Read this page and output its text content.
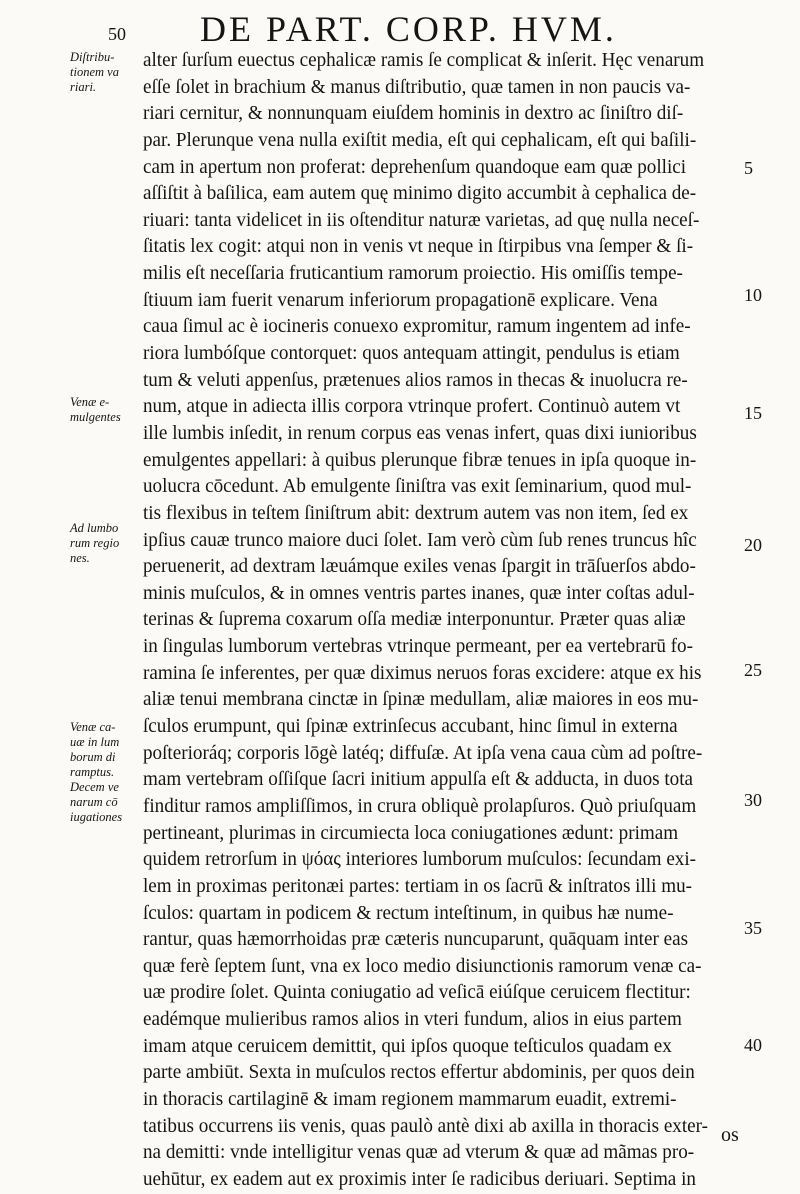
50 DE PART. CORP. HVM.
alter ſurſum euectus cephalicæ ramis ſe complicat & inſerit. Hęc venarum
eſſe ſolet in brachium & manus diſtributio, quæ tamen in non paucis va-
riari cernitur, & nonnunquam eiuſdem hominis in dextro ac ſiniſtro diſ-
par. Plerunque vena nulla exiſtit media, eſt qui cephalicam, eſt qui baſili-
cam in apertum non proferat: deprehenſum quandoque eam quæ pollici
aſſiſtit à baſilica, eam autem quę minimo digito accumbit à cephalica de-
riuari: tanta videlicet in iis oſtenditur naturæ varietas, ad quę nulla neceſ-
ſitatis lex cogit: atqui non in venis vt neque in ſtirpibus vna ſemper & ſi-
milis eſt neceſſaria fruticantium ramorum proiectio. His omiſſis tempe-
ſtiuum iam fuerit venarum inferiorum propagationē explicare. Vena
caua ſimul ac è iocineris conuexo expromitur, ramum ingentem ad infe-
riora lumbóſque contorquet: quos antequam attingit, pendulus is etiam
tum & veluti appenſus, prætenues alios ramos in thecas & inuolucra re-
num, atque in adiecta illis corpora vtrinque profert. Continuò autem vt
ille lumbis inſedit, in renum corpus eas venas infert, quas dixi iunioribus
emulgentes appellari: à quibus plerunque fibræ tenues in ipſa quoque in-
uolucra cōcedunt. Ab emulgente ſiniſtra vas exit ſeminarium, quod mul-
tis flexibus in teſtem ſiniſtrum abit: dextrum autem vas non item, ſed ex
ipſius cauæ trunco maiore duci ſolet. Iam verò cùm ſub renes truncus hîc
peruenerit, ad dextram læuámque exiles venas ſpargit in trāſuerſos abdo-
minis muſculos, & in omnes ventris partes inanes, quæ inter coſtas adul-
terinas & ſuprema coxarum oſſa mediæ interponuntur. Præter quas aliæ
in ſingulas lumborum vertebras vtrinque permeant, per ea vertebrarū fo-
ramina ſe inferentes, per quæ diximus neruos foras excidere: atque ex his
aliæ tenui membrana cinctæ in ſpinæ medullam, aliæ maiores in eos mu-
ſculos erumpunt, qui ſpinæ extrinſecus accubant, hinc ſimul in externa
poſterioráq; corporis lōgè latéq; diffuſæ. At ipſa vena caua cùm ad poſtre-
mam vertebram oſſiſque ſacri initium appulſa eſt & adducta, in duos tota
finditur ramos ampliſſimos, in crura obliquè prolapſuros. Quò priuſquam
pertineant, plurimas in circumiecta loca coniugationes ædunt: primam
quidem retrorſum in ψόας interiores lumborum muſculos: ſecundam exi-
lem in proximas peritonæi partes: tertiam in os ſacrū & inſtratos illi mu-
ſculos: quartam in podicem & rectum inteſtinum, in quibus hæ nume-
rantur, quas hæmorrhoidas præ cæteris nuncuparunt, quāquam inter eas
quæ ferè ſeptem ſunt, vna ex loco medio disiunctionis ramorum venæ ca-
uæ prodire ſolet. Quinta coniugatio ad veſicā eiúſque ceruicem flectitur:
eadémque mulieribus ramos alios in vteri fundum, alios in eius partem
imam atque ceruicem demittit, qui ipſos quoque teſticulos quadam ex
parte ambiūt. Sexta in muſculos rectos effertur abdominis, per quos dein
in thoracis cartilaginē & imam regionem mammarum euadit, extremi-
tatibus occurrens iis venis, quas paulò antè dixi ab axilla in thoracis exter-
na demitti: vnde intelligitur venas quæ ad vterum & quæ ad mãmas pro-
uehūtur, ex eadem aut ex proximis inter ſe radicibus deriuari. Septima in
Diſtribu-
tionem va
riari.
Venæ e-
mulgentes
Ad lumbo
rum regio
nes.
Venæ ca-
uæ in lum
borum di
ramptus.
Decem ve
narum cō
iugationes
5
10
15
20
25
30
35
40
os
